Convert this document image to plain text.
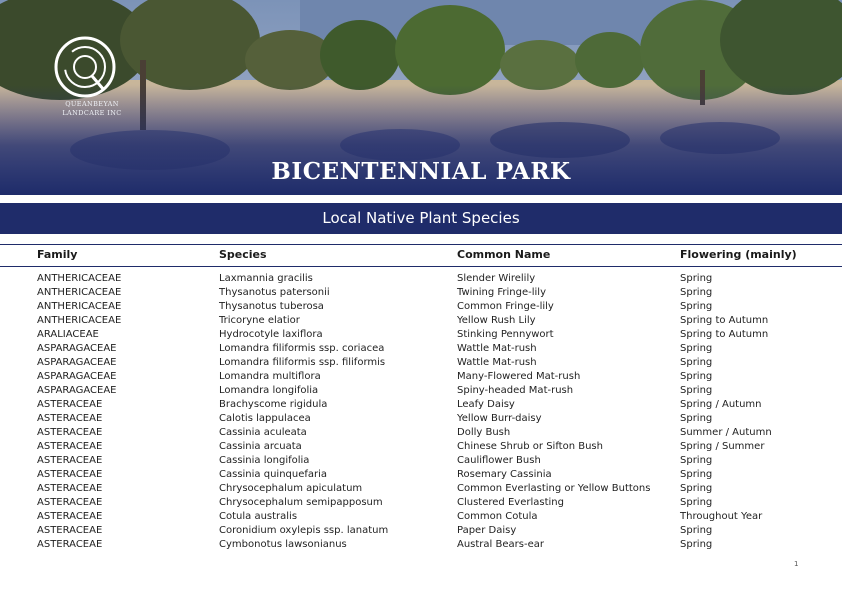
QUEANBEYAN
LANDCARE INC
BICENTENNIAL PARK
Local Native Plant Species
Family	Species	Common Name	Flowering (mainly)
ANTHERICACEAE	Laxmannia gracilis	Slender Wirelily	Spring
ANTHERICACEAE	Thysanotus patersonii	Twining Fringe-lily	Spring
ANTHERICACEAE	Thysanotus tuberosa	Common Fringe-lily	Spring
ANTHERICACEAE	Tricoryne elatior	Yellow Rush Lily	Spring to Autumn
ARALIACEAE	Hydrocotyle laxiflora	Stinking Pennywort	Spring to Autumn
ASPARAGACEAE	Lomandra filiformis ssp. coriacea	Wattle Mat-rush	Spring
ASPARAGACEAE	Lomandra filiformis ssp. filiformis	Wattle Mat-rush	Spring
ASPARAGACEAE	Lomandra multiflora	Many-Flowered Mat-rush	Spring
ASPARAGACEAE	Lomandra longifolia	Spiny-headed Mat-rush	Spring
ASTERACEAE	Brachyscome rigidula	Leafy Daisy	Spring / Autumn
ASTERACEAE	Calotis lappulacea	Yellow Burr-daisy	Spring
ASTERACEAE	Cassinia aculeata	Dolly Bush	Summer / Autumn
ASTERACEAE	Cassinia arcuata	Chinese Shrub or Sifton Bush	Spring / Summer
ASTERACEAE	Cassinia longifolia	Cauliflower Bush	Spring
ASTERACEAE	Cassinia quinquefaria	Rosemary Cassinia	Spring
ASTERACEAE	Chrysocephalum apiculatum	Common Everlasting or Yellow Buttons	Spring
ASTERACEAE	Chrysocephalum semipapposum	Clustered Everlasting	Spring
ASTERACEAE	Cotula australis	Common Cotula	Throughout Year
ASTERACEAE	Coronidium oxylepis ssp. lanatum	Paper Daisy	Spring
ASTERACEAE	Cymbonotus lawsonianus	Austral Bears-ear	Spring
1
